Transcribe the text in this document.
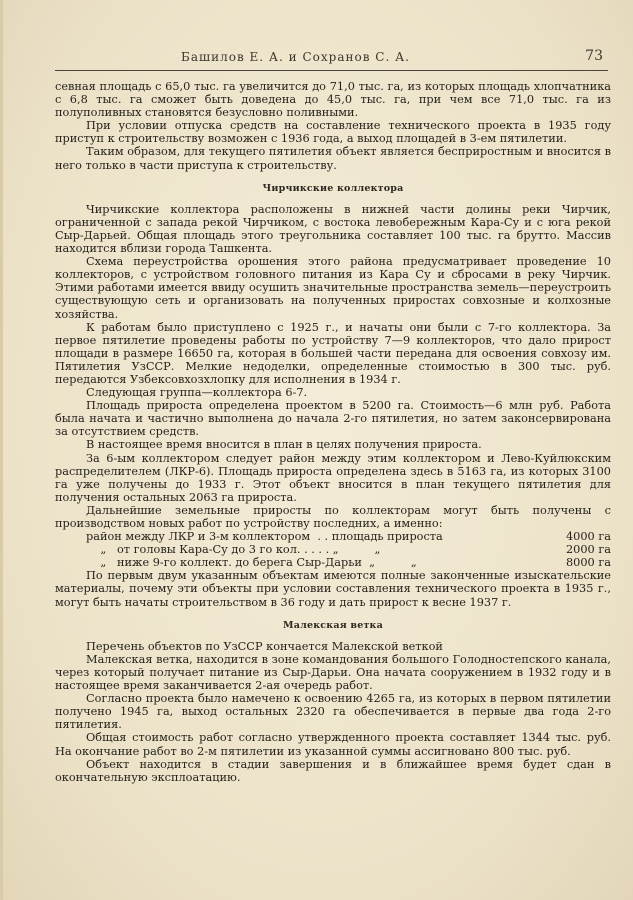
Башилов Е. А. и Сохранов С. А.	73

севная площадь с 65,0 тыс. га увеличится до 71,0 тыс. га, из которых площадь хлопчатника с 6,8 тыс. га сможет быть доведена до 45,0 тыс. га, при чем все 71,0 тыс. га из полуполивных становятся безусловно поливными.

При условии отпуска средств на составление технического проекта в 1935 году приступ к строительству возможен с 1936 года, а выход площадей в 3-ем пятилетии.

Таким образом, для текущего пятилетия объект является бесприростным и вносится в него только в части приступа к строительству.

Чирчикские коллектора

Чирчикские коллектора расположены в нижней части долины реки Чирчик, ограниченной с запада рекой Чирчиком, с востока левобережным Кара-Су и с юга рекой Сыр-Дарьей. Общая площадь этого треугольника составляет 100 тыс. га брутто. Массив находится вблизи города Ташкента.

Схема переустройства орошения этого района предусматривает проведение 10 коллекторов, с устройством головного питания из Кара Су и сбросами в реку Чирчик. Этими работами имеется ввиду осушить значительные пространства земель—переустроить существующую сеть и организовать на полученных приростах совхозные и колхозные хозяйства.

К работам было приступлено с 1925 г., и начаты они были с 7-го коллектора. За первое пятилетие проведены работы по устройству 7—9 коллекторов, что дало прирост площади в размере 16650 га, которая в большей части передана для освоения совхозу им. Пятилетия УзССР. Мелкие недоделки, определенные стоимостью в 300 тыс. руб. передаются Узбексовхозхлопку для исполнения в 1934 г.

Следующая группа—коллектора 6-7.

Площадь прироста определена проектом в 5200 га. Стоимость—6 млн руб. Работа была начата и частично выполнена до начала 2-го пятилетия, но затем законсервирована за отсутствием средств.

В настоящее время вносится в план в целях получения прироста.

За 6-ым коллектором следует район между этим коллектором и Лево-Куйлюкским распределителем (ЛКР-6). Площадь прироста определена здесь в 5163 га, из которых 3100 га уже получены до 1933 г. Этот объект вносится в план текущего пятилетия для получения остальных 2063 га прироста.

Дальнейшие земельные приросты по коллекторам могут быть получены с производством новых работ по устройству последних, а именно:

район между ЛКР и 3-м коллектором  . . площадь прироста	4000 га
„   от головы Кара-Су до 3 го кол. . . . . „          „	2000 га
„   ниже 9-го коллект. до берега Сыр-Дарьи  „          „	8000 га

По первым двум указанным объектам имеются полные законченные изыскательские материалы, почему эти объекты при условии составления технического проекта в 1935 г., могут быть начаты строительством в 36 году и дать прирост к весне 1937 г.

Малекская ветка

Перечень объектов по УзССР кончается Малекской веткой

Малекская ветка, находится в зоне командования большого Голодностепского канала, через который получает питание из Сыр-Дарьи. Она начата сооружением в 1932 году и в настоящее время заканчивается 2-ая очередь работ.

Согласно проекта было намечено к освоению 4265 га, из которых в первом пятилетии получено 1945 га, выход остальных 2320 га обеспечивается в первые два года 2-го пятилетия.

Общая стоимость работ согласно утвержденного проекта составляет 1344 тыс. руб. На окончание работ во 2-м пятилетии из указанной суммы ассигновано 800 тыс. руб.

Объект находится в стадии завершения и в ближайшее время будет сдан в окончательную эксплоатацию.
